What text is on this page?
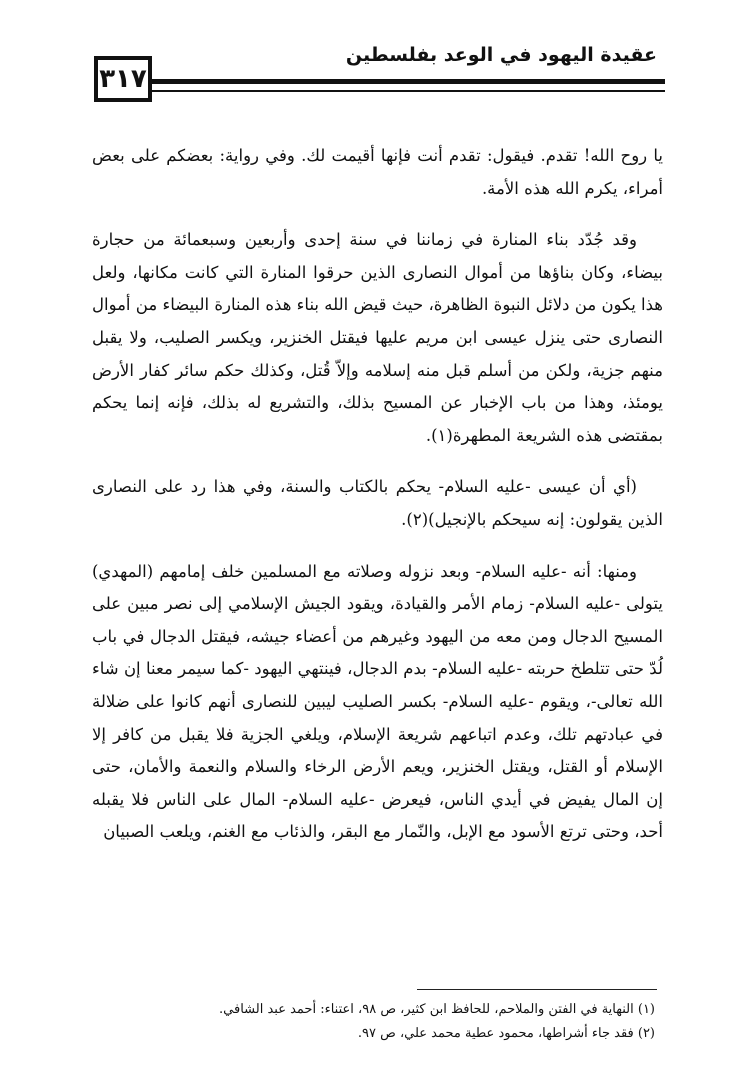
٣١٧
عقيدة اليهود في الوعد بفلسطين

يا روح الله! تقدم. فيقول: تقدم أنت فإنها أقيمت لك. وفي رواية: بعضكم على بعض أمراء، يكرم الله هذه الأمة.

وقد جُدّد بناء المنارة في زماننا في سنة إحدى وأربعين وسبعمائة من حجارة بيضاء، وكان بناؤها من أموال النصارى الذين حرقوا المنارة التي كانت مكانها، ولعل هذا يكون من دلائل النبوة الظاهرة، حيث قيض الله بناء هذه المنارة البيضاء من أموال النصارى حتى ينزل عيسى ابن مريم عليها فيقتل الخنزير، ويكسر الصليب، ولا يقبل منهم جزية، ولكن من أسلم قبل منه إسلامه وإلاّ قُتل، وكذلك حكم سائر كفار الأرض يومئذ، وهذا من باب الإخبار عن المسيح بذلك، والتشريع له بذلك، فإنه إنما يحكم بمقتضى هذه الشريعة المطهرة(١).

(أي أن عيسى -عليه السلام- يحكم بالكتاب والسنة، وفي هذا رد على النصارى الذين يقولون: إنه سيحكم بالإنجيل)(٢).

ومنها: أنه -عليه السلام- وبعد نزوله وصلاته مع المسلمين خلف إمامهم (المهدي) يتولى -عليه السلام- زمام الأمر والقيادة، ويقود الجيش الإسلامي إلى نصر مبين على المسيح الدجال ومن معه من اليهود وغيرهم من أعضاء جيشه، فيقتل الدجال في باب لُدّ حتى تتلطخ حربته -عليه السلام- بدم الدجال، فينتهي اليهود -كما سيمر معنا إن شاء الله تعالى-، ويقوم -عليه السلام- بكسر الصليب ليبين للنصارى أنهم كانوا على ضلالة في عبادتهم تلك، وعدم اتباعهم شريعة الإسلام، ويلغي الجزية فلا يقبل من كافر إلا الإسلام أو القتل، ويقتل الخنزير، ويعم الأرض الرخاء والسلام والنعمة والأمان، حتى إن المال يفيض في أيدي الناس، فيعرض -عليه السلام- المال على الناس فلا يقبله أحد، وحتى ترتع الأسود مع الإبل، والنّمار مع البقر، والذئاب مع الغنم، ويلعب الصبيان

(١) النهاية في الفتن والملاحم، للحافظ ابن كثير، ص ٩٨، اعتناء: أحمد عبد الشافي.

(٢) فقد جاء أشراطها، محمود عطية محمد علي، ص ٩٧.
